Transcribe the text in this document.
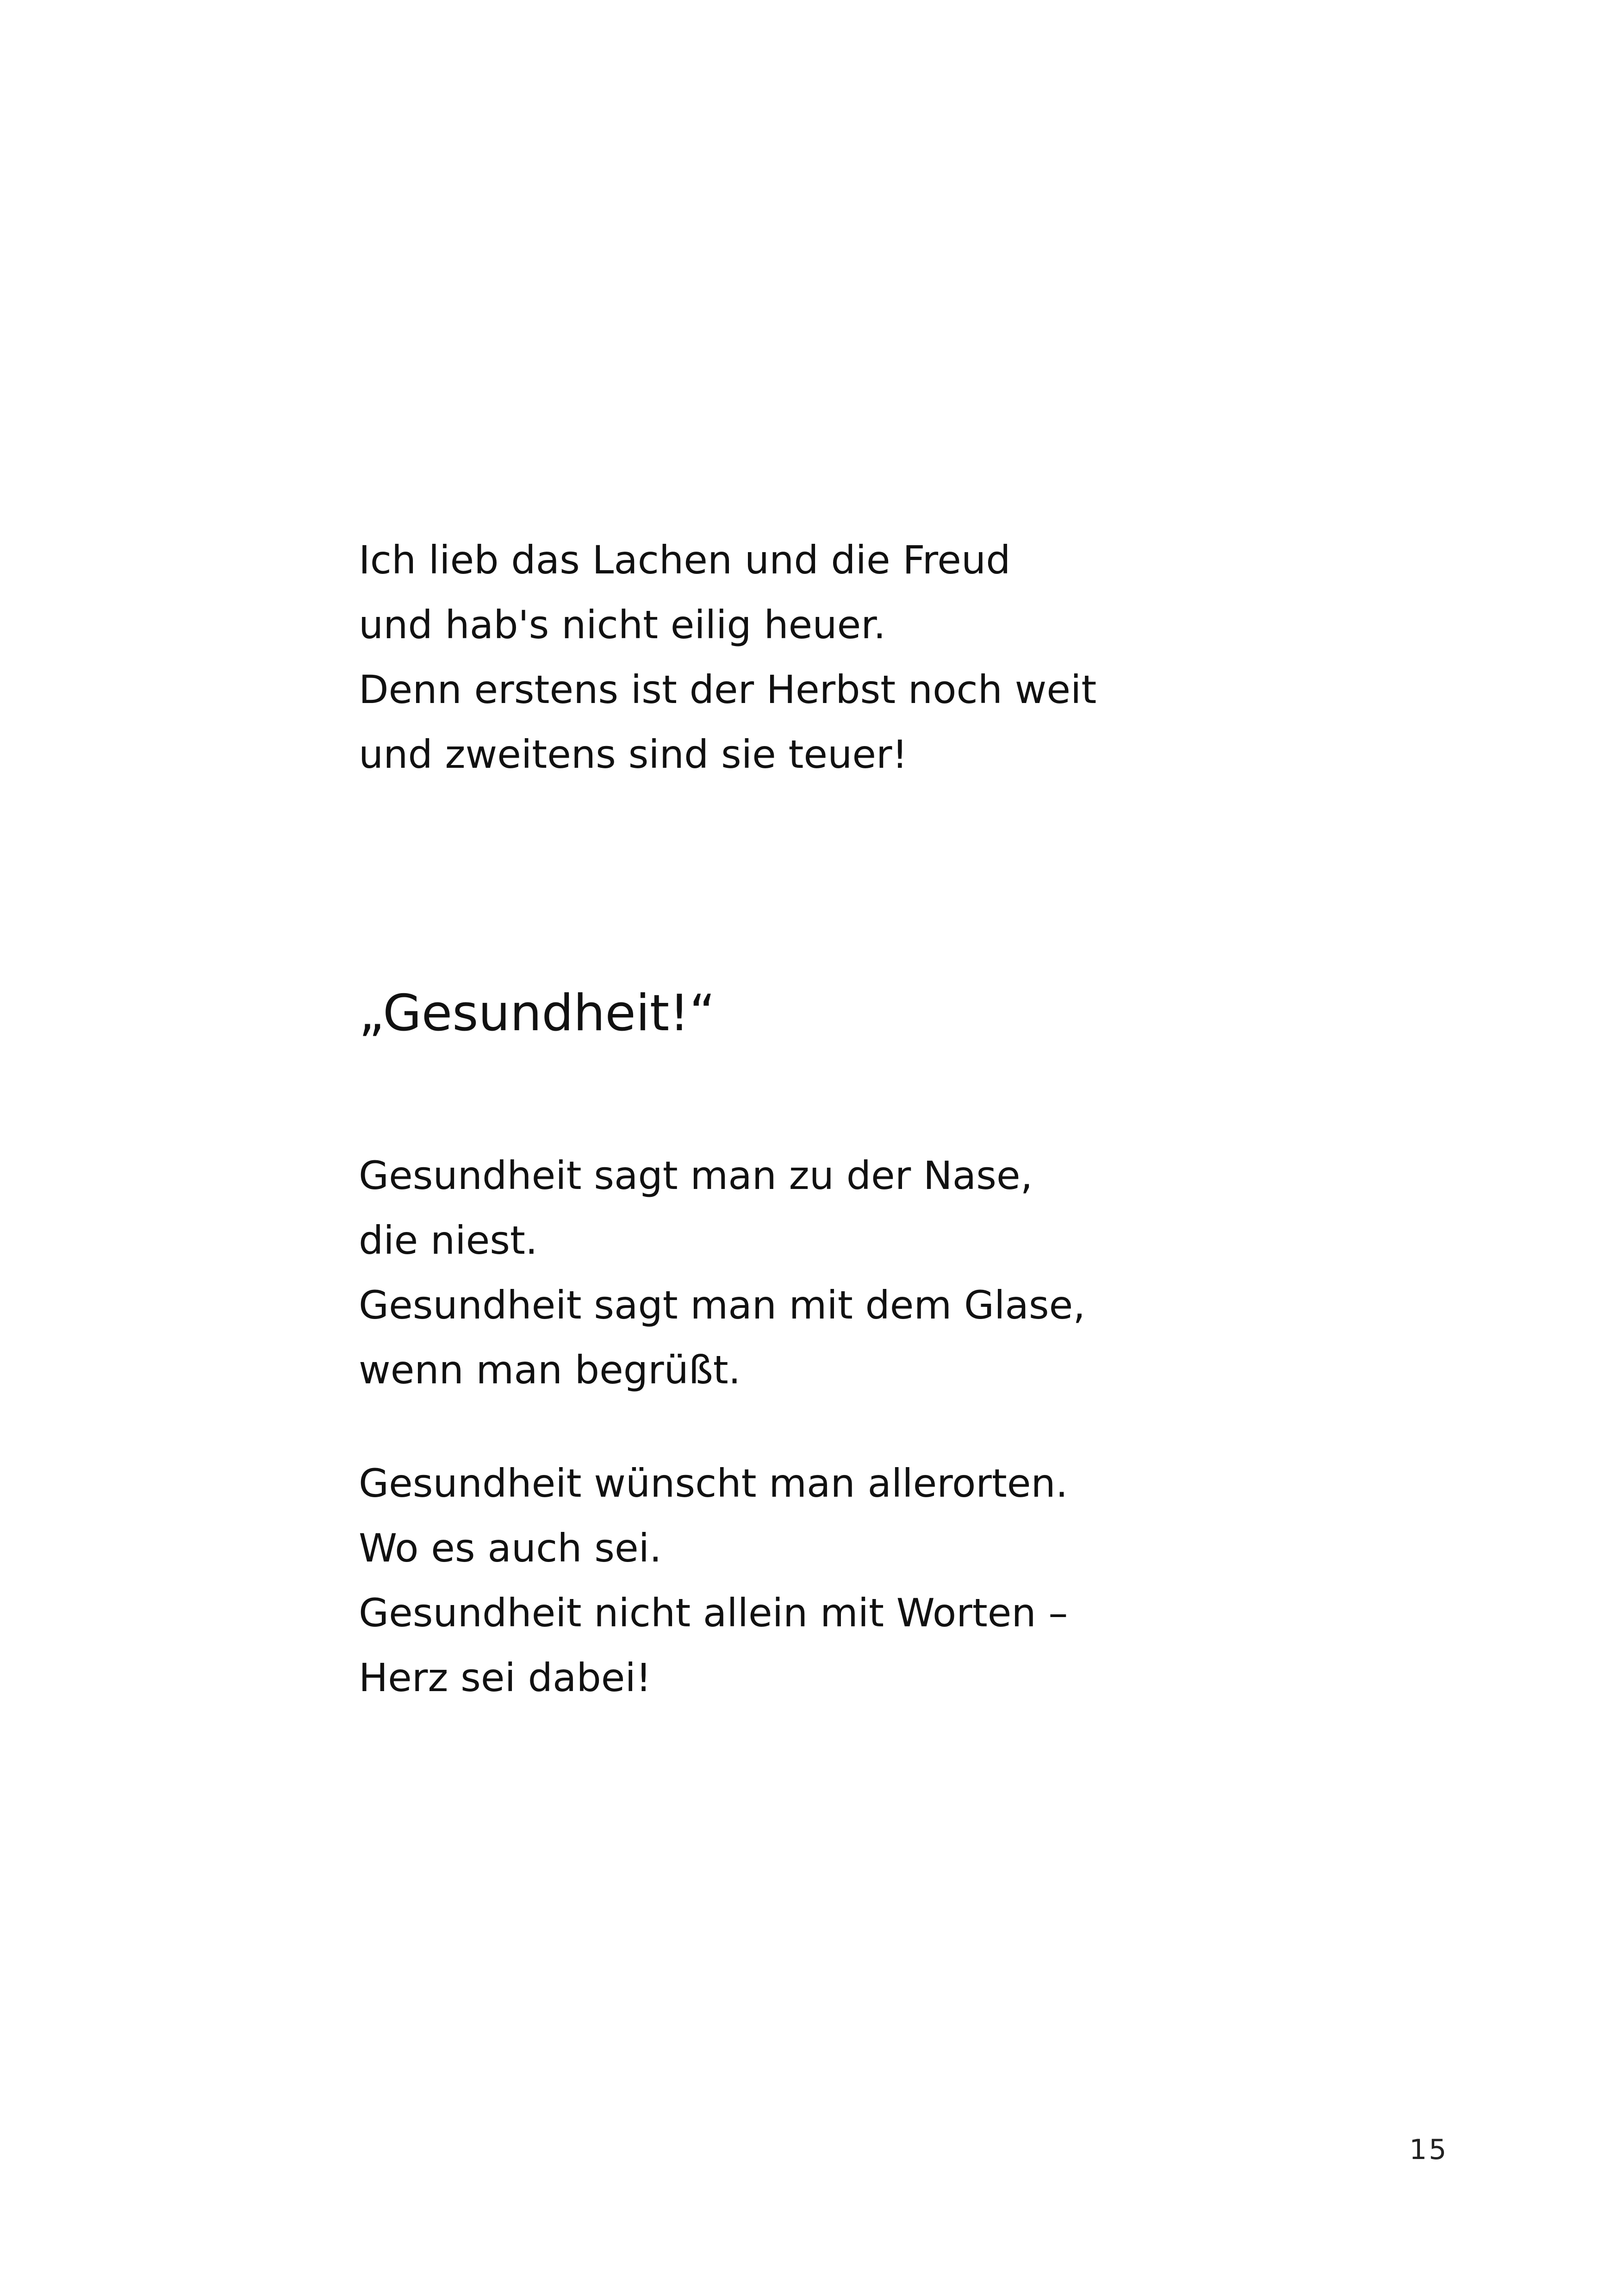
Ich lieb das Lachen und die Freud
und hab's nicht eilig heuer.
Denn erstens ist der Herbst noch weit
und zweitens sind sie teuer!
„Gesundheit!“
Gesundheit sagt man zu der Nase,
die niest.
Gesundheit sagt man mit dem Glase,
wenn man begrüßt.
Gesundheit wünscht man allerorten.
Wo es auch sei.
Gesundheit nicht allein mit Worten –
Herz sei dabei!
15
